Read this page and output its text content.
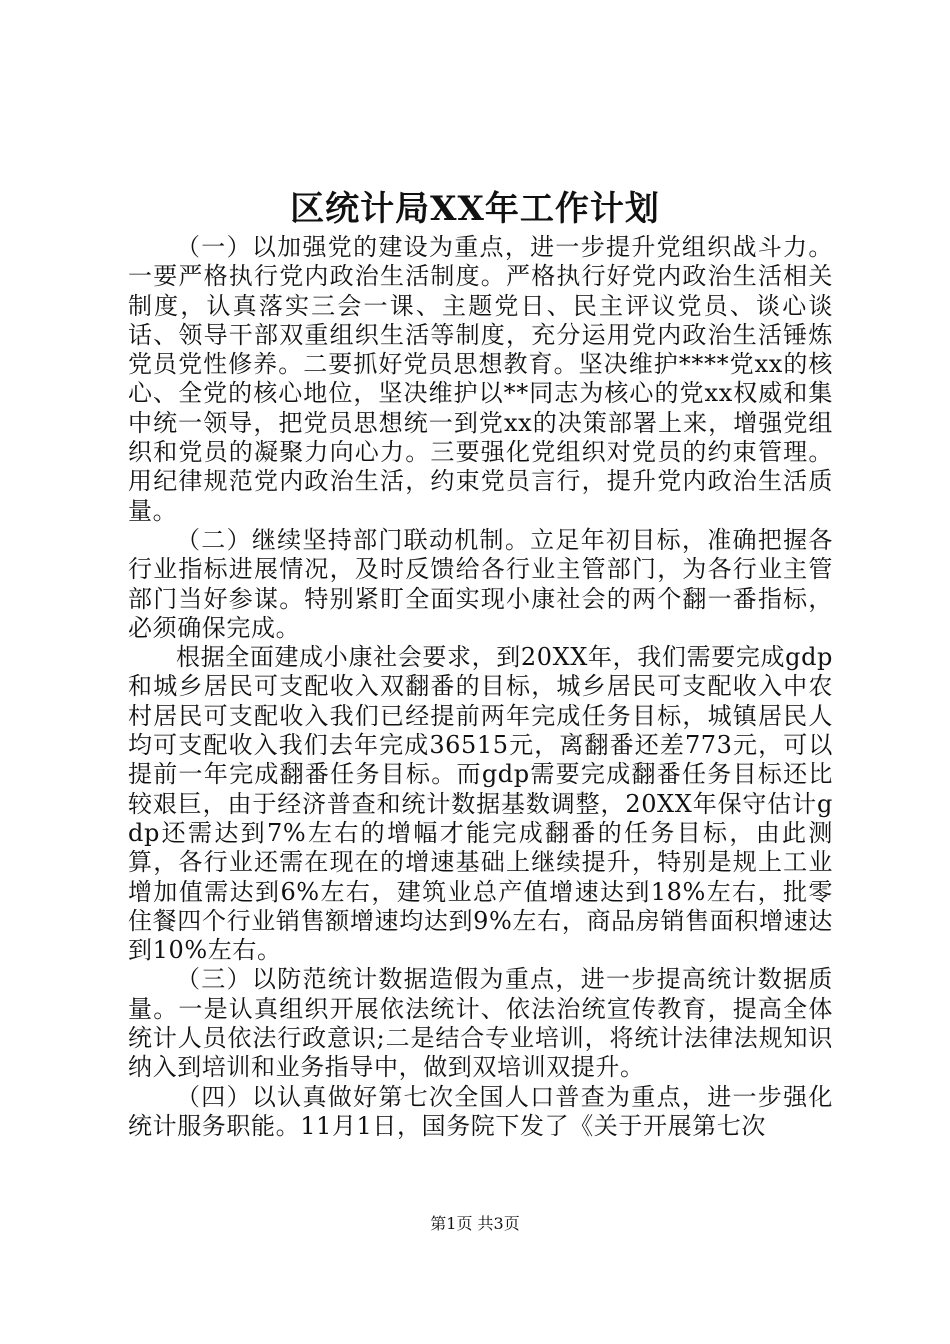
区统计局XX年工作计划

（一）以加强党的建设为重点，进一步提升党组织战斗力。一要严格执行党内政治生活制度。严格执行好党内政治生活相关制度，认真落实三会一课、主题党日、民主评议党员、谈心谈话、领导干部双重组织生活等制度，充分运用党内政治生活锤炼党员党性修养。二要抓好党员思想教育。坚决维护****党xx的核心、全党的核心地位，坚决维护以**同志为核心的党xx权威和集中统一领导，把党员思想统一到党xx的决策部署上来，增强党组织和党员的凝聚力向心力。三要强化党组织对党员的约束管理。用纪律规范党内政治生活，约束党员言行，提升党内政治生活质量。

（二）继续坚持部门联动机制。立足年初目标，准确把握各行业指标进展情况，及时反馈给各行业主管部门，为各行业主管部门当好参谋。特别紧盯全面实现小康社会的两个翻一番指标，必须确保完成。

根据全面建成小康社会要求，到20XX年，我们需要完成gdp和城乡居民可支配收入双翻番的目标，城乡居民可支配收入中农村居民可支配收入我们已经提前两年完成任务目标，城镇居民人均可支配收入我们去年完成36515元，离翻番还差773元，可以提前一年完成翻番任务目标。而gdp需要完成翻番任务目标还比较艰巨，由于经济普查和统计数据基数调整，20XX年保守估计gdp还需达到7%左右的增幅才能完成翻番的任务目标，由此测算，各行业还需在现在的增速基础上继续提升，特别是规上工业增加值需达到6%左右，建筑业总产值增速达到18%左右，批零住餐四个行业销售额增速均达到9%左右，商品房销售面积增速达到10%左右。

（三）以防范统计数据造假为重点，进一步提高统计数据质量。一是认真组织开展依法统计、依法治统宣传教育，提高全体统计人员依法行政意识;二是结合专业培训，将统计法律法规知识纳入到培训和业务指导中，做到双培训双提升。

（四）以认真做好第七次全国人口普查为重点，进一步强化统计服务职能。11月1日，国务院下发了《关于开展第七次

第1页 共3页
